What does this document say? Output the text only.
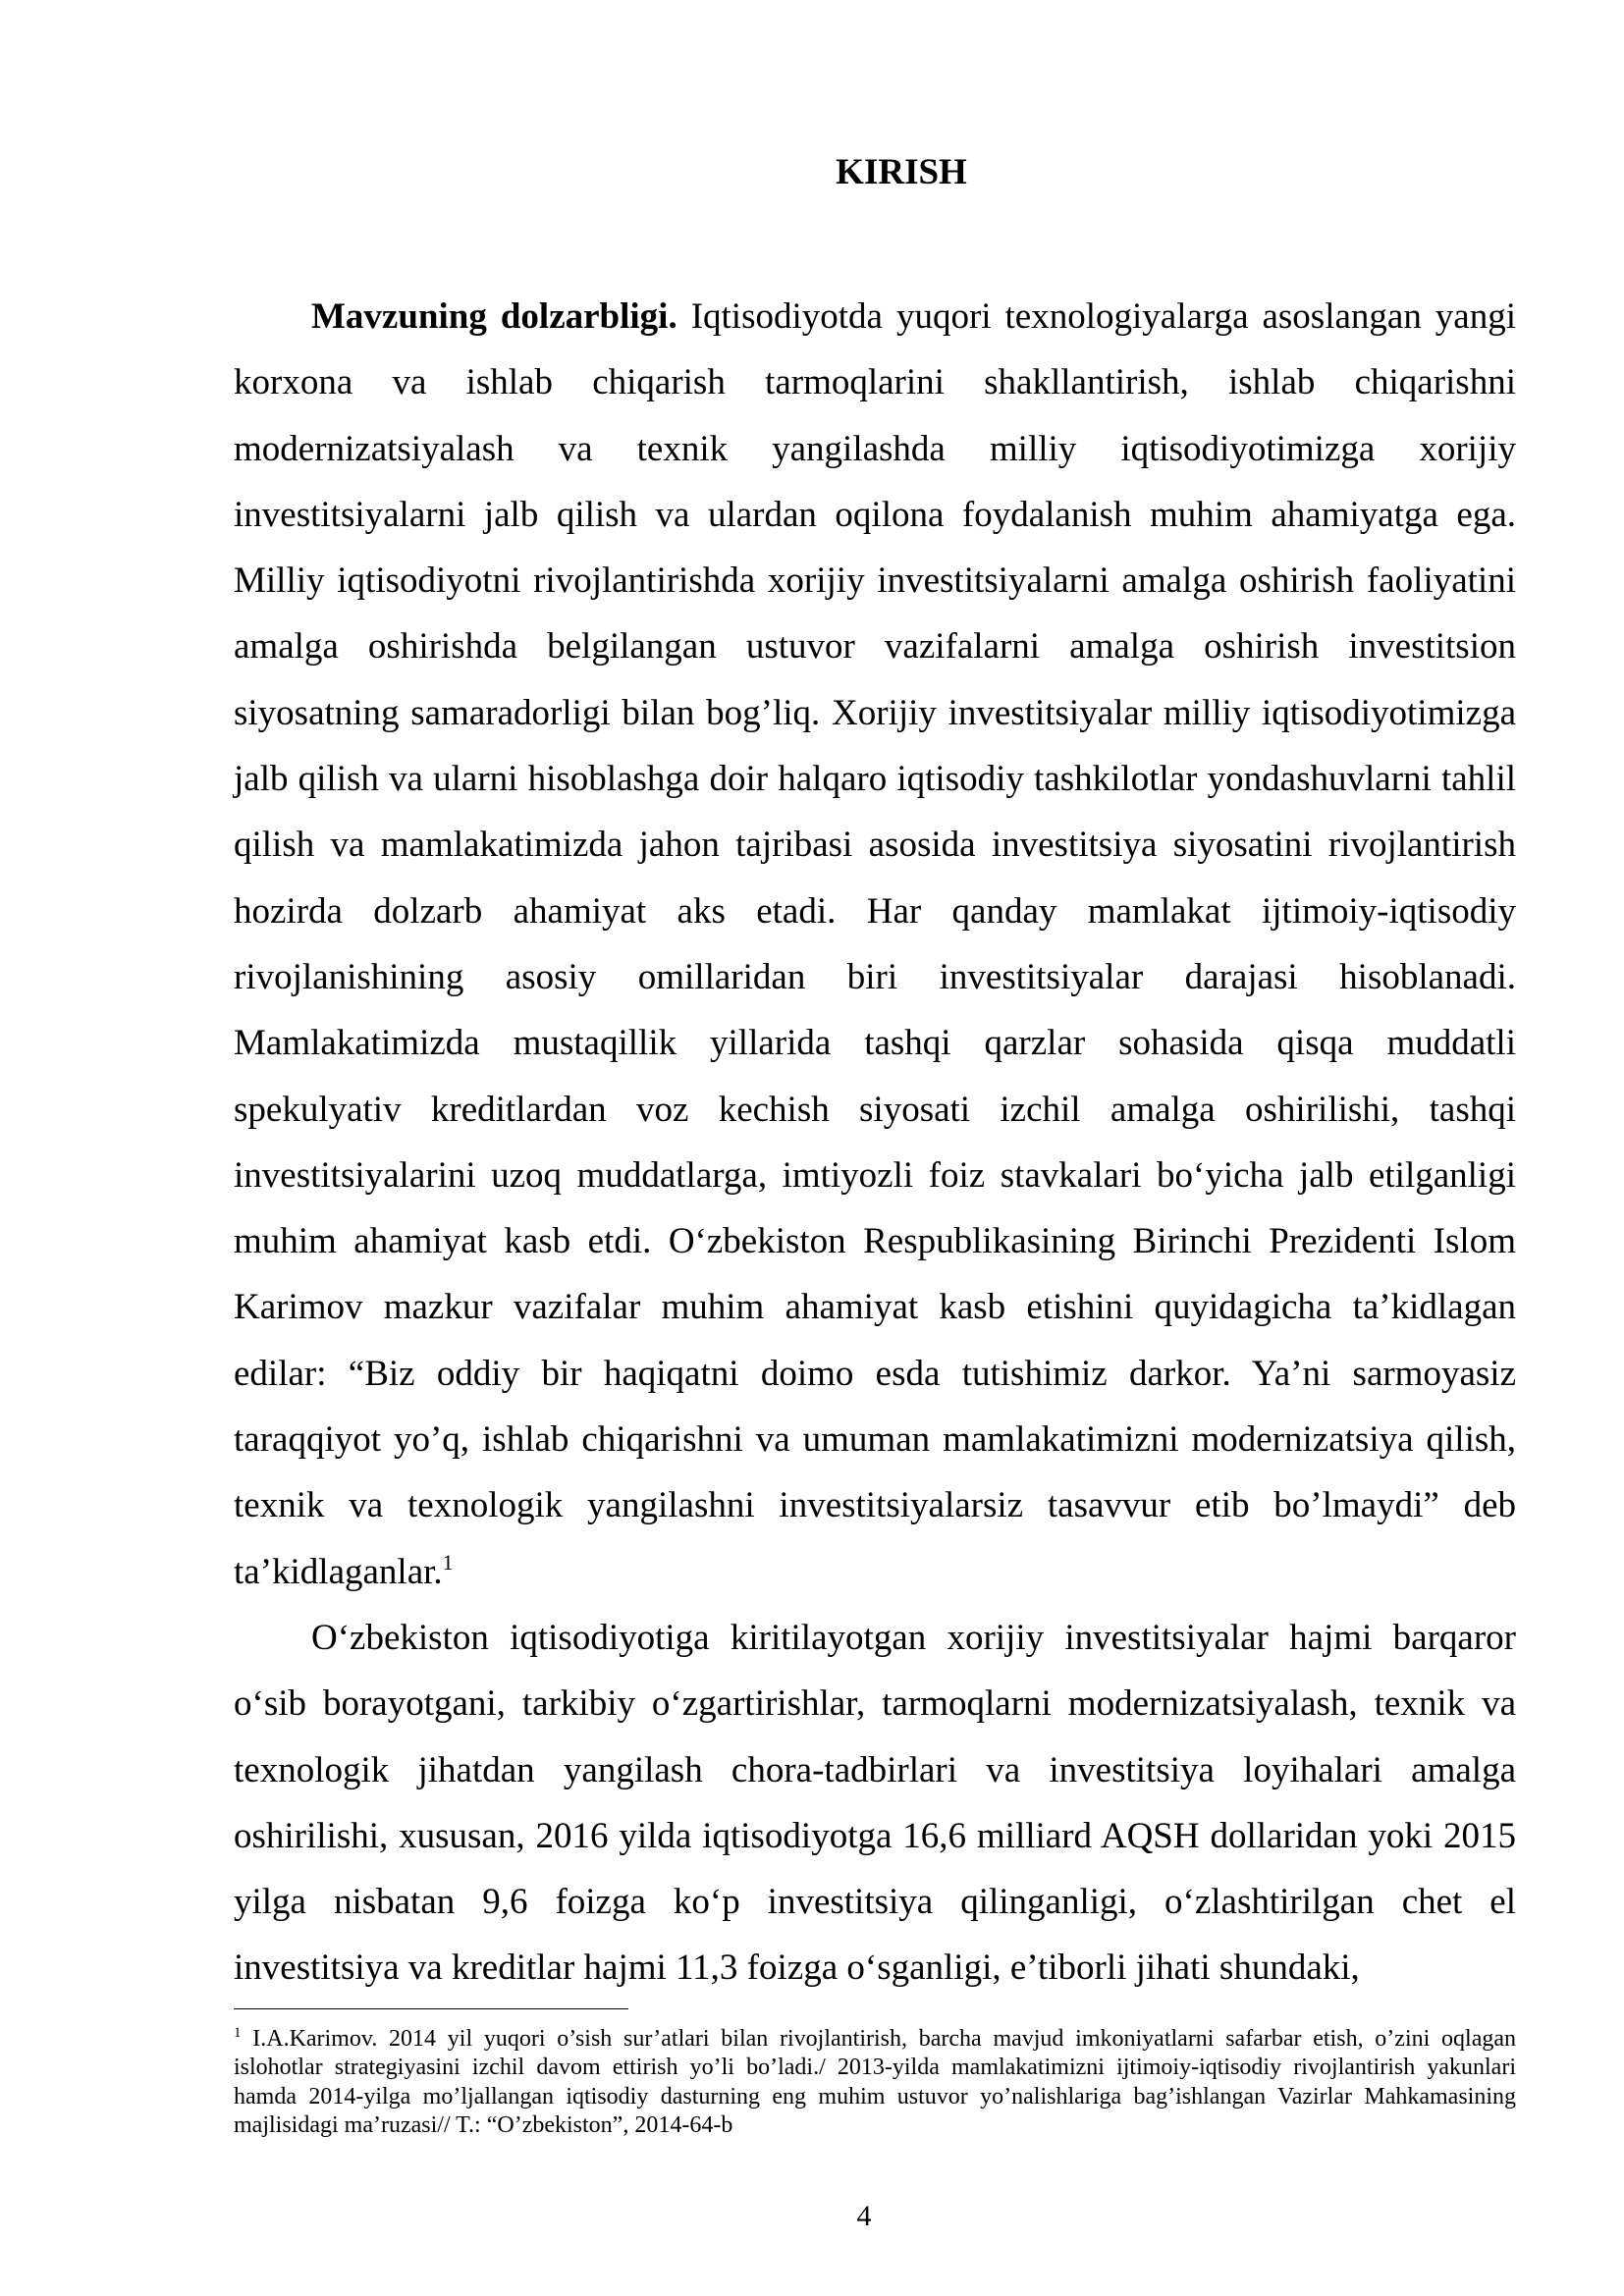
KIRISH

Mavzuning dolzarbligi. Iqtisodiyotda yuqori texnologiyalarga asoslangan yangi korxona va ishlab chiqarish tarmoqlarini shakllantirish, ishlab chiqarishni modernizatsiyalash va texnik yangilashda milliy iqtisodiyotimizga xorijiy investitsiyalarni jalb qilish va ulardan oqilona foydalanish muhim ahamiyatga ega. Milliy iqtisodiyotni rivojlantirishda xorijiy investitsiyalarni amalga oshirish faoliyatini amalga oshirishda belgilangan ustuvor vazifalarni amalga oshirish investitsion siyosatning samaradorligi bilan bog’liq. Xorijiy investitsiyalar milliy iqtisodiyotimizga jalb qilish va ularni hisoblashga doir halqaro iqtisodiy tashkilotlar yondashuvlarni tahlil qilish va mamlakatimizda jahon tajribasi asosida investitsiya siyosatini rivojlantirish hozirda dolzarb ahamiyat aks etadi. Har qanday mamlakat ijtimoiy-iqtisodiy rivojlanishining asosiy omillaridan biri investitsiyalar darajasi hisoblanadi. Mamlakatimizda mustaqillik yillarida tashqi qarzlar sohasida qisqa muddatli spekulyativ kreditlardan voz kechish siyosati izchil amalga oshirilishi, tashqi investitsiyalarini uzoq muddatlarga, imtiyozli foiz stavkalari bo‘yicha jalb etilganligi muhim ahamiyat kasb etdi. O‘zbekiston Respublikasining Birinchi Prezidenti Islom Karimov mazkur vazifalar muhim ahamiyat kasb etishini quyidagicha ta’kidlagan edilar: “Biz oddiy bir haqiqatni doimo esda tutishimiz darkor. Ya’ni sarmoyasiz taraqqiyot yo’q, ishlab chiqarishni va umuman mamlakatimizni modernizatsiya qilish, texnik va texnologik yangilashni investitsiyalarsiz tasavvur etib bo’lmaydi” deb ta’kidlaganlar.$^1$

O‘zbekiston iqtisodiyotiga kiritilayotgan xorijiy investitsiyalar hajmi barqaror o‘sib borayotgani, tarkibiy o‘zgartirishlar, tarmoqlarni modernizatsiyalash, texnik va texnologik jihatdan yangilash chora-tadbirlari va investitsiya loyihalari amalga oshirilishi, xususan, 2016 yilda iqtisodiyotga 16,6 milliard AQSH dollaridan yoki 2015 yilga nisbatan 9,6 foizga ko‘p investitsiya qilinganligi, o‘zlashtirilgan chet el investitsiya va kreditlar hajmi 11,3 foizga o‘sganligi, e’tiborli jihati shundaki,

$^1$ I.A.Karimov. 2014 yil yuqori o’sish sur’atlari bilan rivojlantirish, barcha mavjud imkoniyatlarni safarbar etish, o’zini oqlagan islohotlar strategiyasini izchil davom ettirish yo’li bo’ladi./ 2013-yilda mamlakatimizni ijtimoiy-iqtisodiy rivojlantirish yakunlari hamda 2014-yilga mo’ljallangan iqtisodiy dasturning eng muhim ustuvor yo’nalishlariga bag’ishlangan Vazirlar Mahkamasining majlisidagi ma’ruzasi// T.: “O’zbekiston”, 2014-64-b

4
